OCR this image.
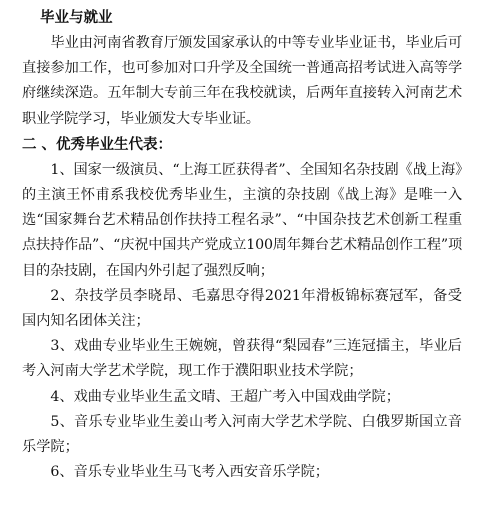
毕业与就业

毕业由河南省教育厅颁发国家承认的中等专业毕业证书，毕业后可直接参加工作，也可参加对口升学及全国统一普通高招考试进入高等学府继续深造。五年制大专前三年在我校就读，后两年直接转入河南艺术职业学院学习，毕业颁发大专毕业证。

二 、优秀毕业生代表：

1、国家一级演员、“上海工匠获得者”、全国知名杂技剧《战上海》的主演王怀甫系我校优秀毕业生，主演的杂技剧《战上海》是唯一入选“国家舞台艺术精品创作扶持工程名录”、“中国杂技艺术创新工程重点扶持作品”、“庆祝中国共产党成立100周年舞台艺术精品创作工程”项目的杂技剧，在国内外引起了强烈反响；

2、杂技学员李晓昂、毛嘉思夺得2021年滑板锦标赛冠军，备受国内知名团体关注；

3、戏曲专业毕业生王婉婉，曾获得“梨园春”三连冠擂主，毕业后考入河南大学艺术学院，现工作于濮阳职业技术学院；

4、戏曲专业毕业生孟文晴、王超广考入中国戏曲学院；

5、音乐专业毕业生姜山考入河南大学艺术学院、白俄罗斯国立音乐学院；

6、音乐专业毕业生马飞考入西安音乐学院；
